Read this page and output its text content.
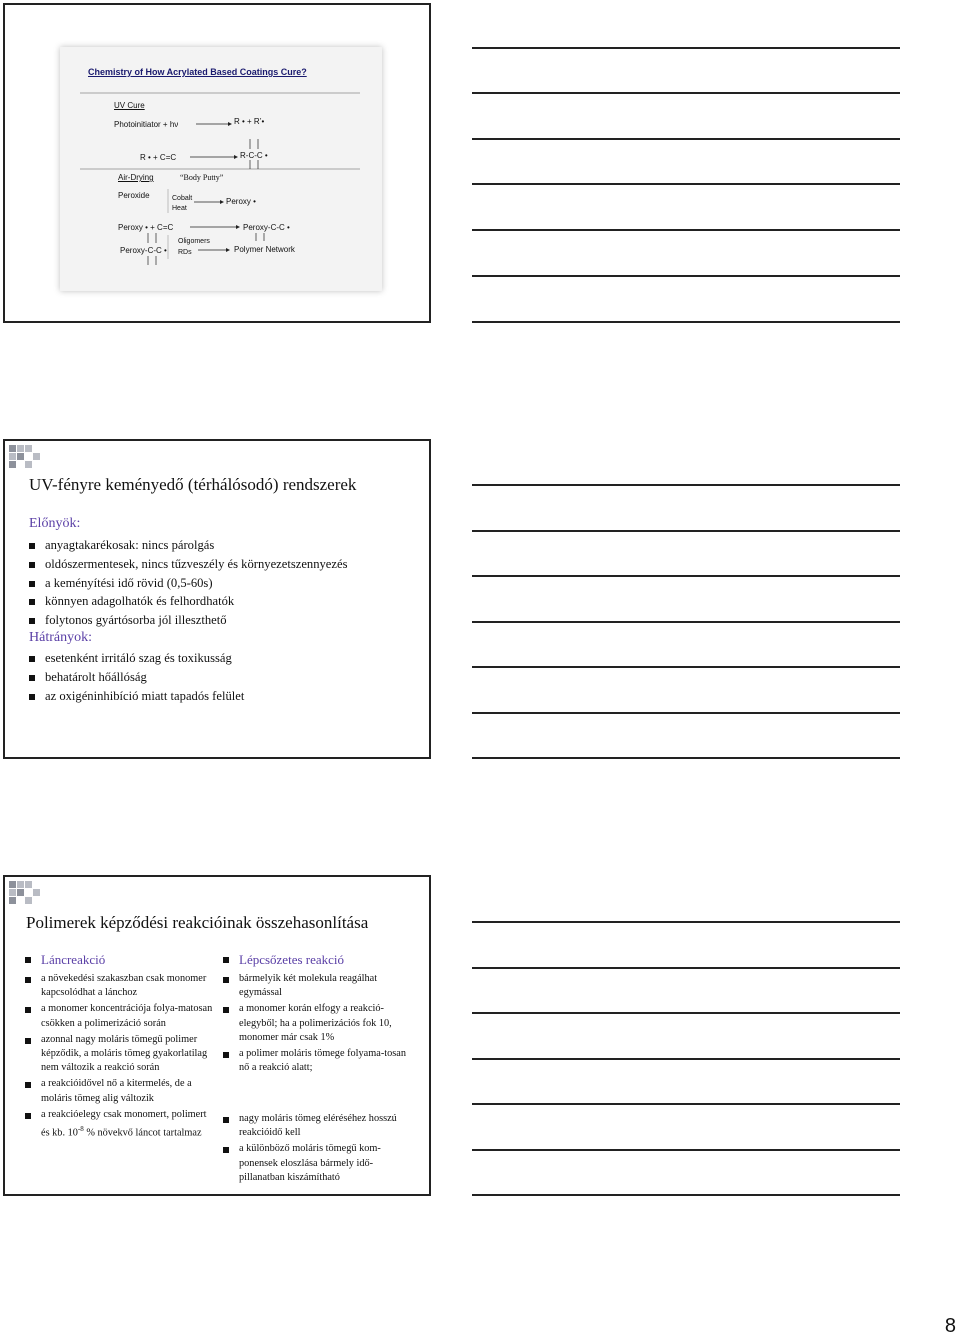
Chemistry of How Acrylated Based Coatings Cure?
UV Cure
Photoinitiator + hν	R • + R’•
R • + C=C	R-C-C •
Air-Drying	“Body Putty”
Peroxide	Cobalt
Heat
Peroxy •
Peroxy • + C=C	Peroxy-C-C •
Peroxy-C-C •
Oligomers
RDs	Polymer Network
UV-fényre keményedő (térhálósodó) rendszerek
Előnyök:
anyagtakarékosak: nincs párolgás
oldószermentesek, nincs tűzveszély és környezetszennyezés
a keményítési idő rövid (0,5-60s)
könnyen adagolhatók és felhordhatók
folytonos gyártósorba jól illeszthető
Hátrányok:
esetenként irritáló szag és toxikusság
behatárolt hőállóság
az oxigéninhibíció miatt tapadós felület
Polimerek képződési reakcióinak összehasonlítása
Láncreakció
a növekedési szakaszban csak monomer kapcsolódhat a lánchoz
a monomer koncentrációja folya-matosan csökken a polimerizáció során
azonnal nagy moláris tömegű polimer képződik, a moláris tömeg gyakorlatilag nem változik a reakció során
a reakcióidővel nő a kitermelés, de a moláris tömeg alig változik
a reakcióelegy csak monomert, polimert és kb. $10^{-8}$ % növekvő láncot tartalmaz
Lépcsőzetes reakció
bármelyik két molekula reagálhat egymással
a monomer korán elfogy a reakció-elegyből; ha a polimerizációs fok 10, monomer már csak 1%
a polimer moláris tömege folyama-tosan nő a reakció alatt;
nagy moláris tömeg eléréséhez hosszú reakcióidő kell
a különböző moláris tömegű kom-ponensek eloszlása bármely idő-pillanatban kiszámítható
8
